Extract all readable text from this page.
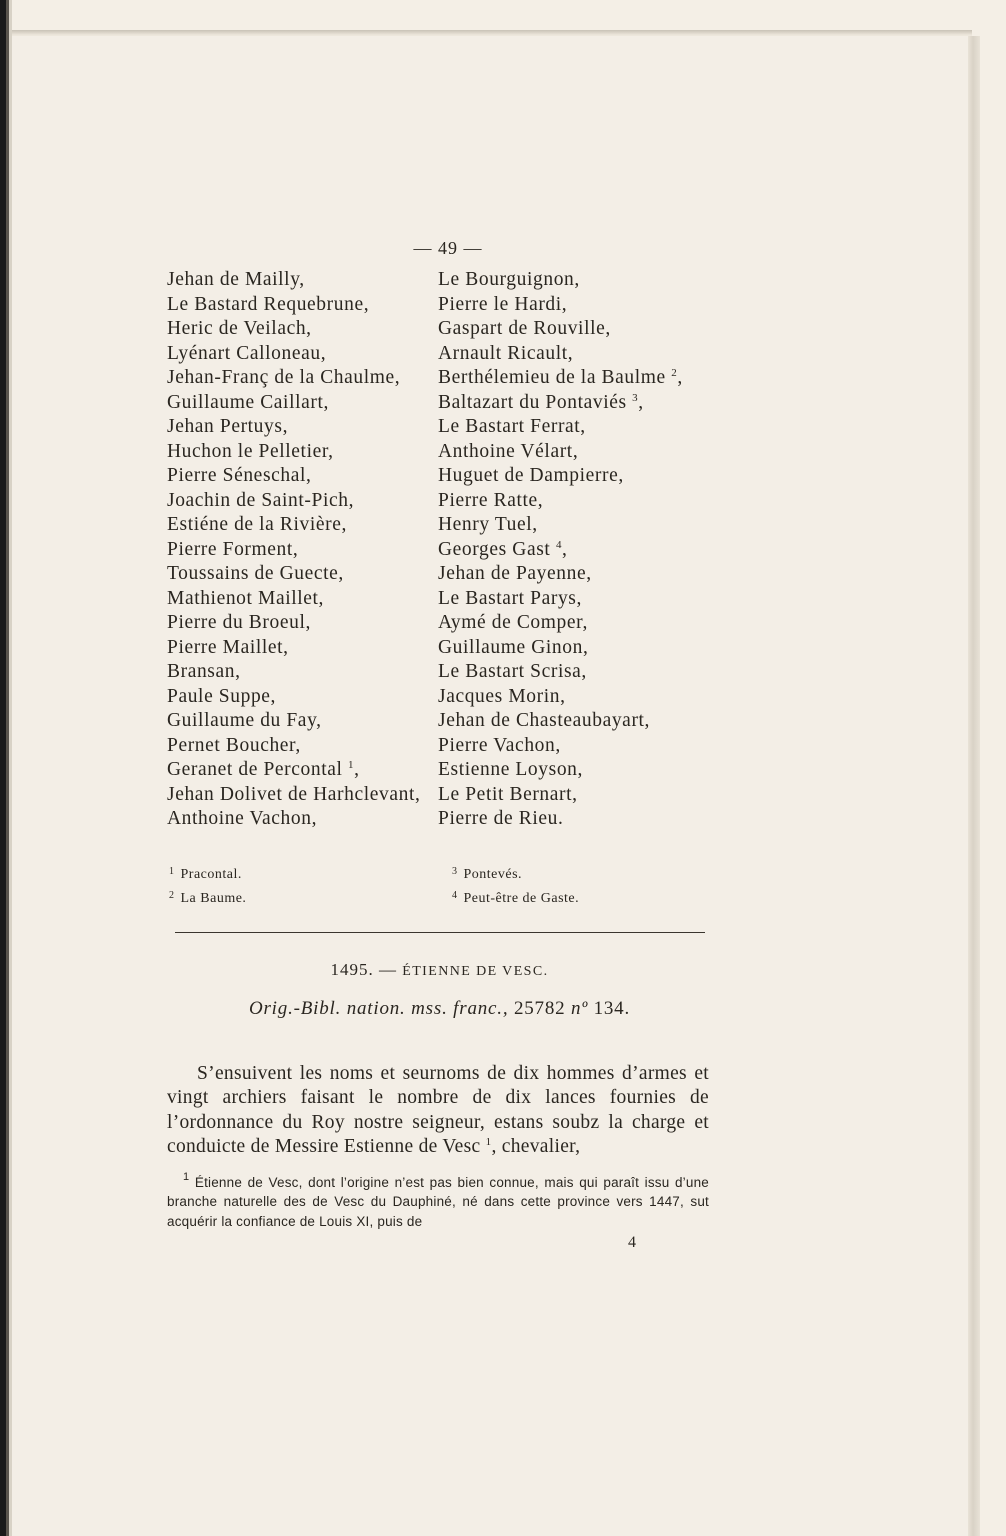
— 49 —
Jehan de Mailly,
Le Bastard Requebrune,
Heric de Veilach,
Lyénart Calloneau,
Jehan-Franç de la Chaulme,
Guillaume Caillart,
Jehan Pertuys,
Huchon le Pelletier,
Pierre Séneschal,
Joachin de Saint-Pich,
Estiéne de la Rivière,
Pierre Forment,
Toussains de Guecte,
Mathienot Maillet,
Pierre du Broeul,
Pierre Maillet,
Bransan,
Paule Suppe,
Guillaume du Fay,
Pernet Boucher,
Geranet de Percontal $^1$,
Jehan Dolivet de Harhclevant,
Anthoine Vachon,
Le Bourguignon,
Pierre le Hardi,
Gaspart de Rouville,
Arnault Ricault,
Berthélemieu de la Baulme $^2$,
Baltazart du Pontaviés $^3$,
Le Bastart Ferrat,
Anthoine Vélart,
Huguet de Dampierre,
Pierre Ratte,
Henry Tuel,
Georges Gast $^4$,
Jehan de Payenne,
Le Bastart Parys,
Aymé de Comper,
Guillaume Ginon,
Le Bastart Scrisa,
Jacques Morin,
Jehan de Chasteaubayart,
Pierre Vachon,
Estienne Loyson,
Le Petit Bernart,
Pierre de Rieu.
$^1$ Pracontal.
$^2$ La Baume.
$^3$ Pontevés.
$^4$ Peut-être de Gaste.
1495. — ÉTIENNE DE VESC.
Orig.-Bibl. nation. mss. franc., 25782 nº 134.

S’ensuivent les noms et seurnoms de dix hommes d’armes et vingt archiers faisant le nombre de dix lances fournies de l’ordonnance du Roy nostre seigneur, estans soubz la charge et conduicte de Messire Estienne de Vesc $^1$, chevalier,

$^1$ Étienne de Vesc, dont l’origine n’est pas bien connue, mais qui paraît issu d’une branche naturelle des de Vesc du Dauphiné, né dans cette province vers 1447, sut acquérir la confiance de Louis XI, puis de

4
